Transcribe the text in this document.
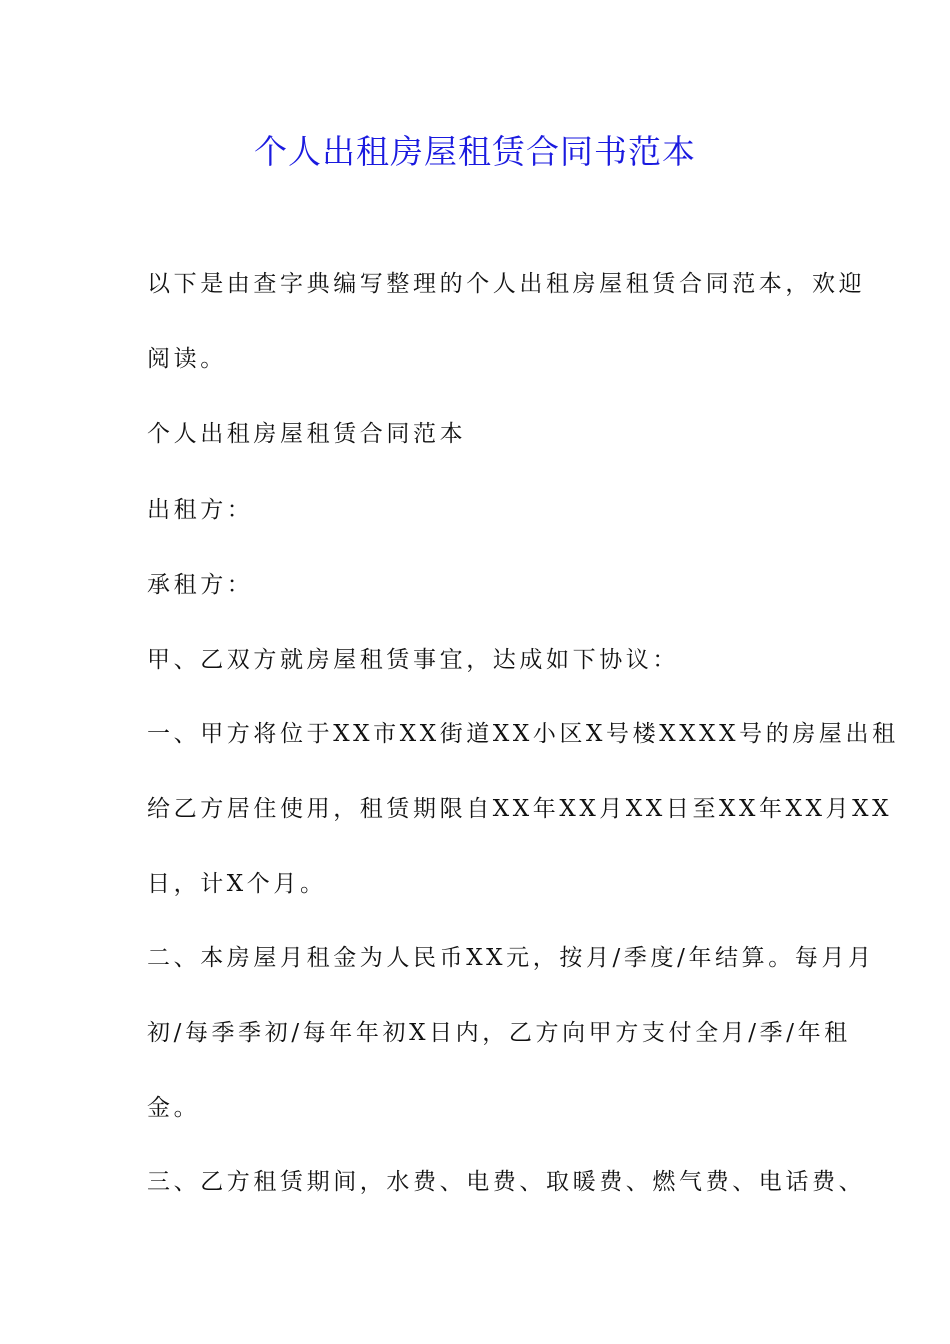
个人出租房屋租赁合同书范本
以下是由查字典编写整理的个人出租房屋租赁合同范本，欢迎
阅读。
个人出租房屋租赁合同范本
出租方：
承租方：
甲、乙双方就房屋租赁事宜，达成如下协议：
一、甲方将位于XX市XX街道XX小区X号楼XXXX号的房屋出租
给乙方居住使用，租赁期限自XX年XX月XX日至XX年XX月XX
日，计X个月。
二、本房屋月租金为人民币XX元，按月/季度/年结算。每月月
初/每季季初/每年年初X日内，乙方向甲方支付全月/季/年租
金。
三、乙方租赁期间，水费、电费、取暖费、燃气费、电话费、
